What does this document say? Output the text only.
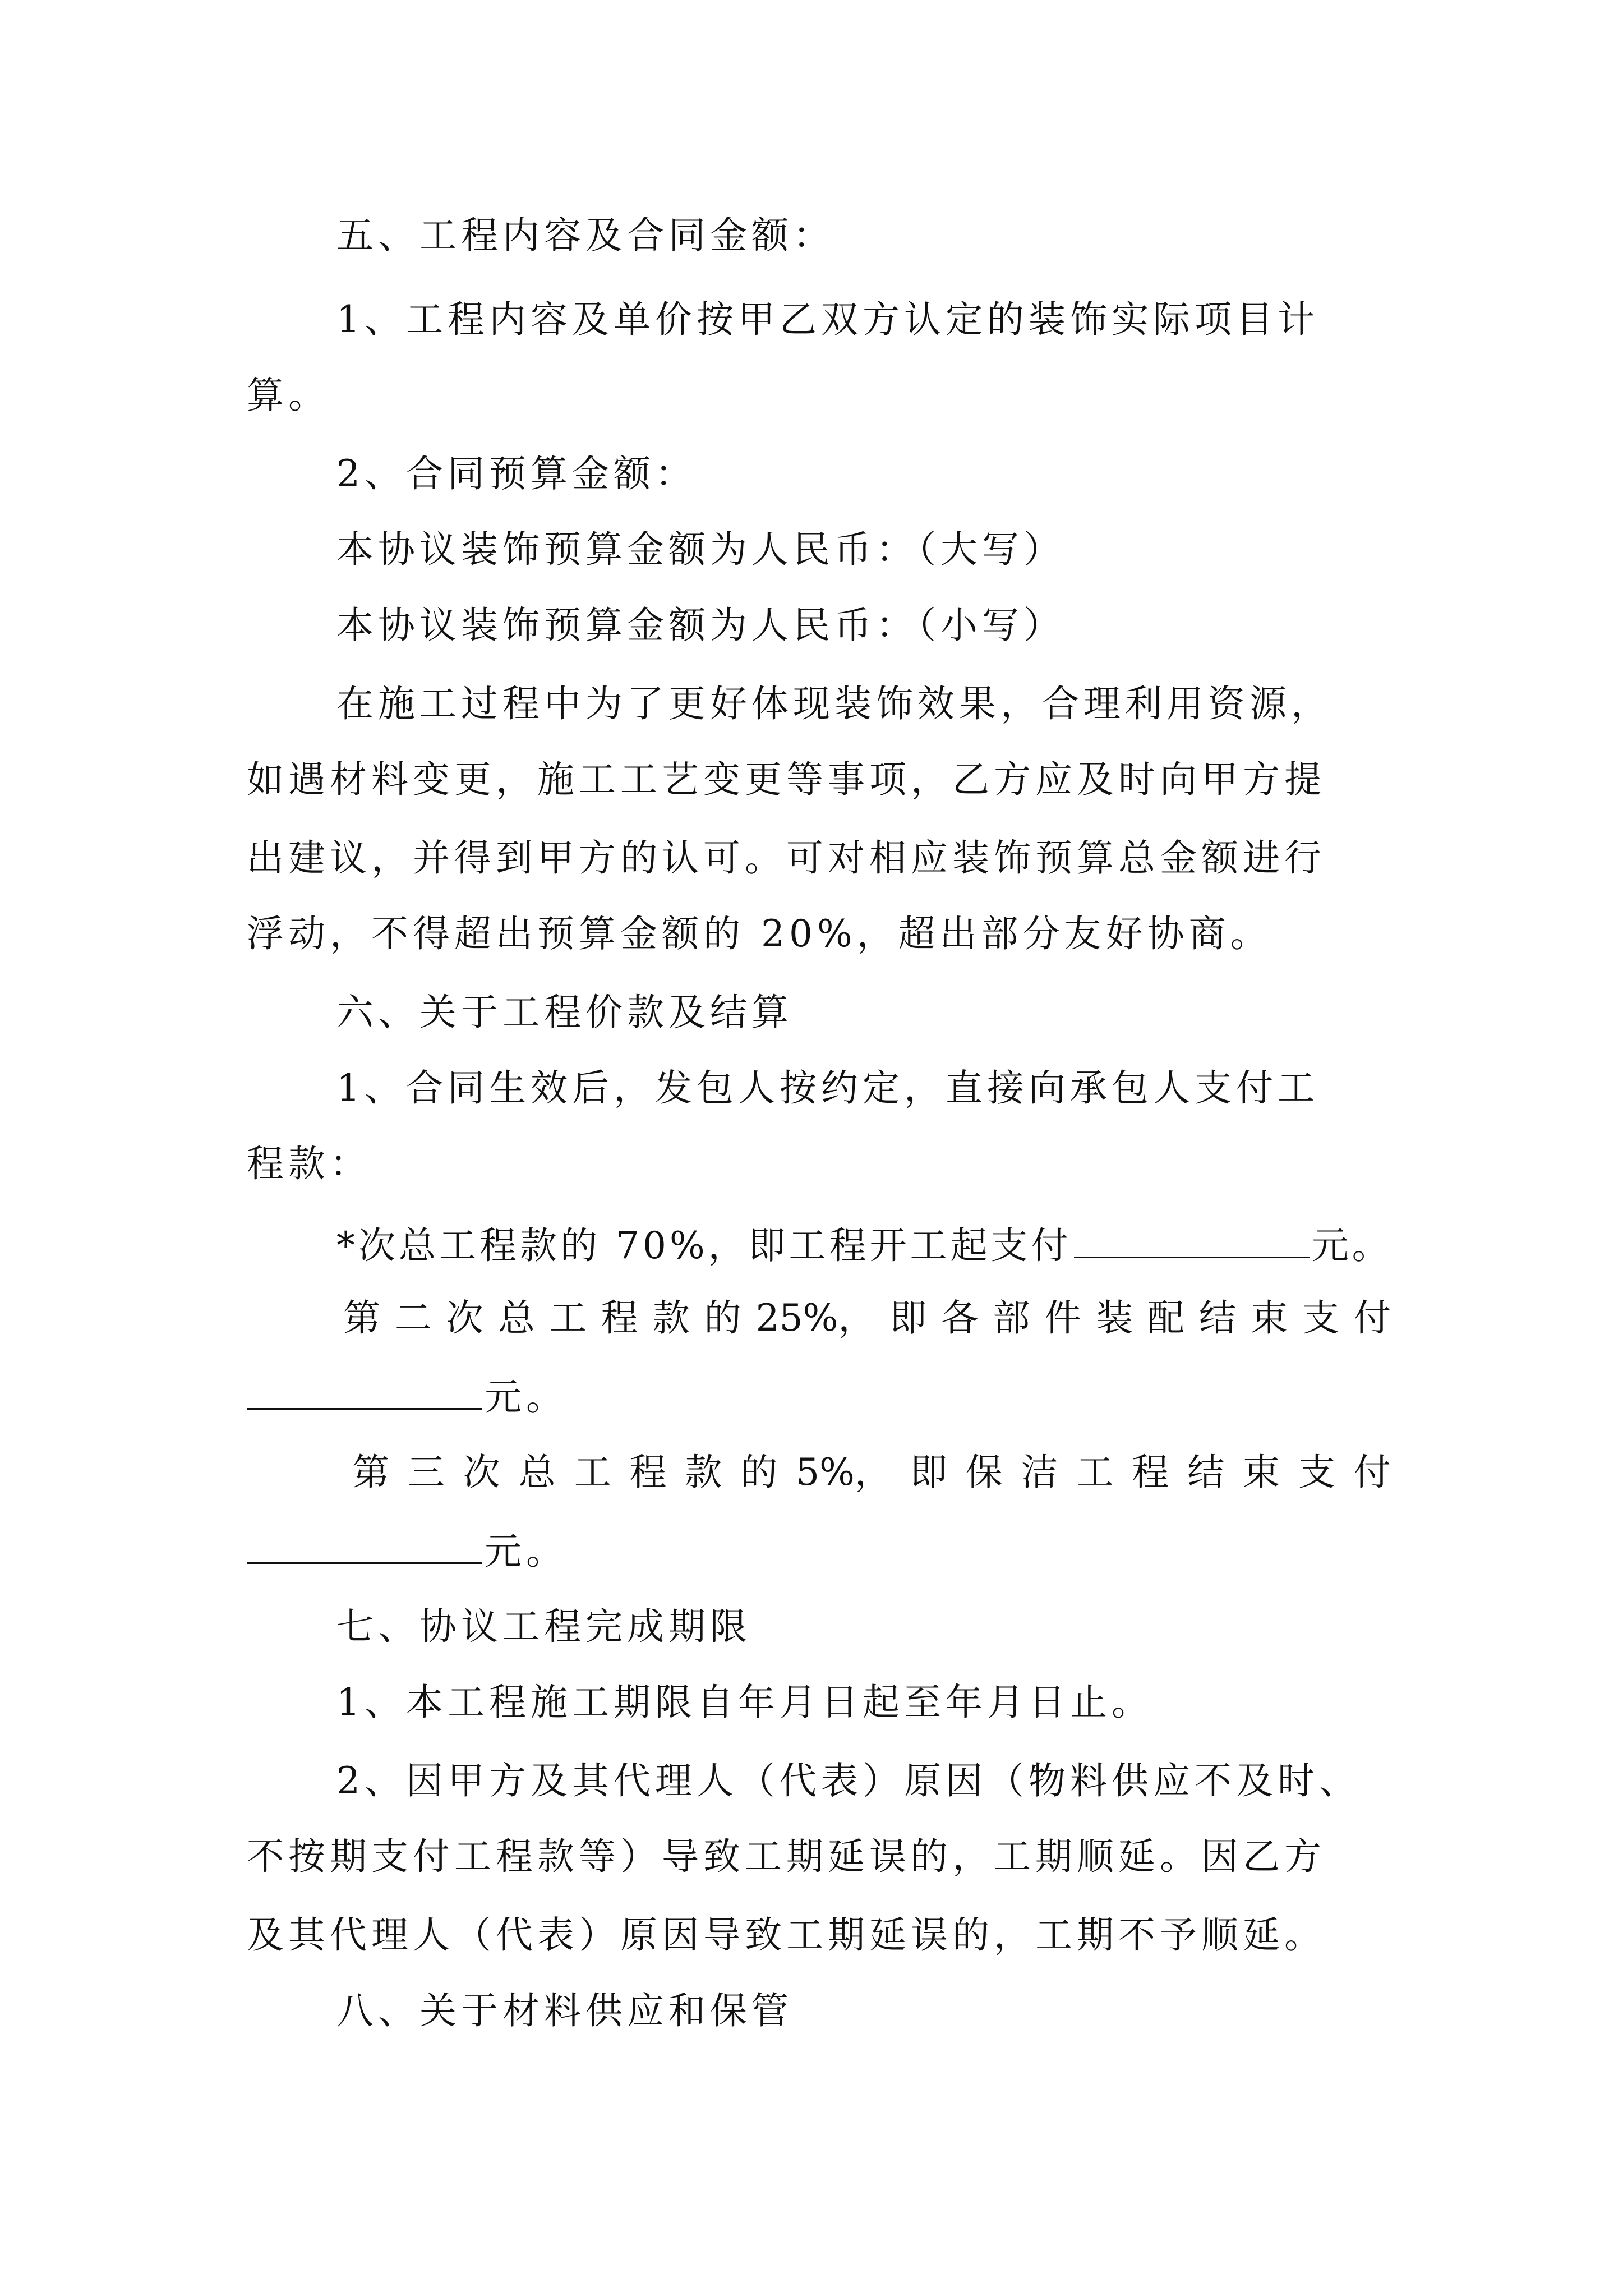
五、工程内容及合同金额：
1、工程内容及单价按甲乙双方认定的装饰实际项目计
算。
2、合同预算金额：
本协议装饰预算金额为人民币：（大写）
本协议装饰预算金额为人民币：（小写）
在施工过程中为了更好体现装饰效果，合理利用资源，
如遇材料变更，施工工艺变更等事项，乙方应及时向甲方提
出建议，并得到甲方的认可。可对相应装饰预算总金额进行
浮动，不得超出预算金额的 20%，超出部分友好协商。
六、关于工程价款及结算
1、合同生效后，发包人按约定，直接向承包人支付工
程款：
*次总工程款的 70%，即工程开工起支付	元。
第 二 次 总 工 程 款 的 25%， 即 各 部 件 装 配 结 束 支 付
元。
第 三 次 总 工 程 款 的 5%， 即 保 洁 工 程 结 束 支 付
元。
七、协议工程完成期限
1、本工程施工期限自年月日起至年月日止。
2、因甲方及其代理人（代表）原因（物料供应不及时、
不按期支付工程款等）导致工期延误的，工期顺延。因乙方
及其代理人（代表）原因导致工期延误的，工期不予顺延。
八、关于材料供应和保管
